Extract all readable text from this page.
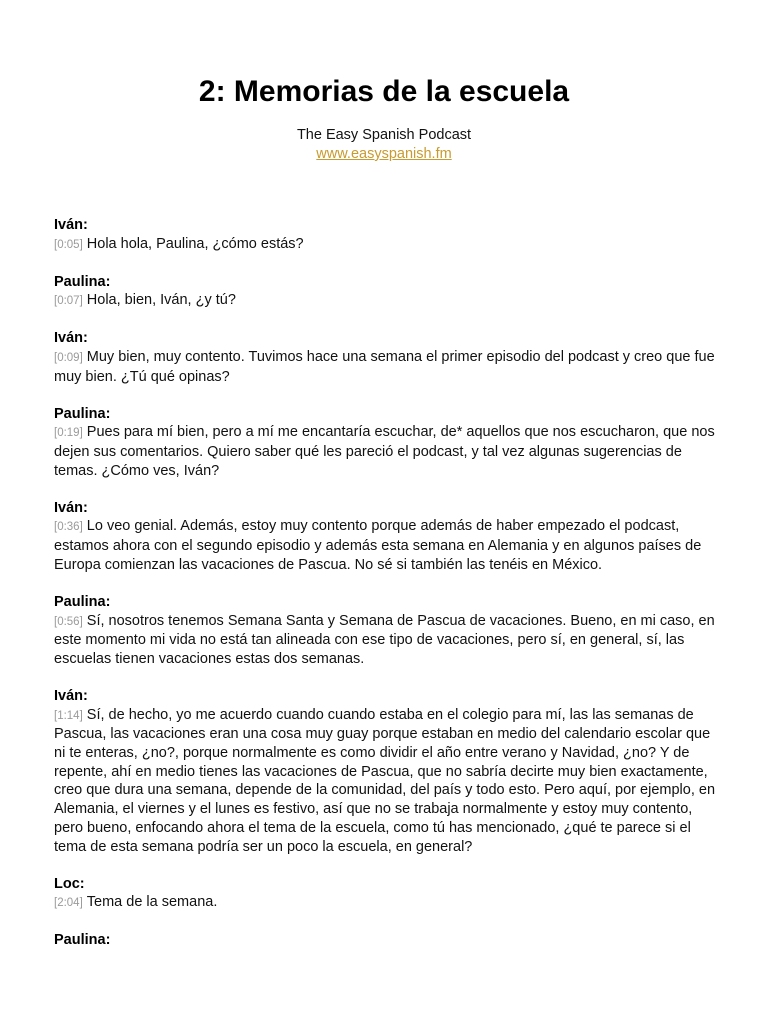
2: Memorias de la escuela
The Easy Spanish Podcast
www.easyspanish.fm
Iván:
[0:05] Hola hola, Paulina, ¿cómo estás?
Paulina:
[0:07] Hola, bien, Iván, ¿y tú?
Iván:
[0:09] Muy bien, muy contento. Tuvimos hace una semana el primer episodio del podcast y creo que fue muy bien. ¿Tú qué opinas?
Paulina:
[0:19] Pues para mí bien, pero a mí me encantaría escuchar, de* aquellos que nos escucharon, que nos dejen sus comentarios. Quiero saber qué les pareció el podcast, y tal vez algunas sugerencias de temas. ¿Cómo ves, Iván?
Iván:
[0:36] Lo veo genial. Además, estoy muy contento porque además de haber empezado el podcast, estamos ahora con el segundo episodio y además esta semana en Alemania y en algunos países de Europa comienzan las vacaciones de Pascua. No sé si también las tenéis en México.
Paulina:
[0:56] Sí, nosotros tenemos Semana Santa y Semana de Pascua de vacaciones. Bueno, en mi caso, en este momento mi vida no está tan alineada con ese tipo de vacaciones, pero sí, en general, sí, las escuelas tienen vacaciones estas dos semanas.
Iván:
[1:14] Sí, de hecho, yo me acuerdo cuando cuando estaba en el colegio para mí, las las semanas de Pascua, las vacaciones eran una cosa muy guay porque estaban en medio del calendario escolar que ni te enteras, ¿no?, porque normalmente es como dividir el año entre verano y Navidad, ¿no? Y de repente, ahí en medio tienes las vacaciones de Pascua, que no sabría decirte muy bien exactamente, creo que dura una semana, depende de la comunidad, del país y todo esto. Pero aquí, por ejemplo, en Alemania, el viernes y el lunes es festivo, así que no se trabaja normalmente y estoy muy contento, pero bueno, enfocando ahora el tema de la escuela, como tú has mencionado, ¿qué te parece si el tema de esta semana podría ser un poco la escuela, en general?
Loc:
[2:04] Tema de la semana.
Paulina:
